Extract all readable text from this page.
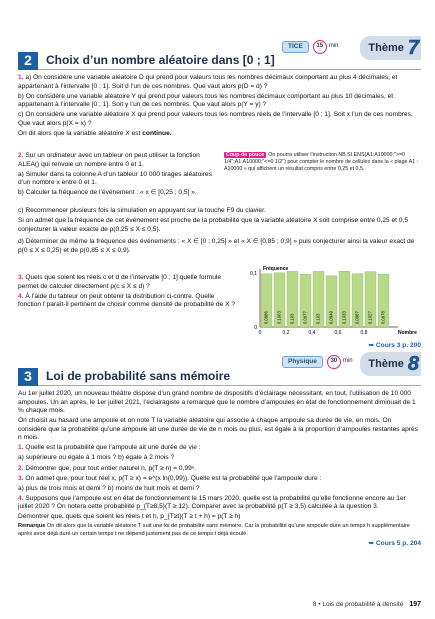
TICE	15 min	Thème 7
2	Choix d’un nombre aléatoire dans [0 ; 1]

1. a) On considère une variable aléatoire D qui prend pour valeurs tous les nombres décimaux comportant au plus 4 décimales, et appartenant à l’intervalle [0 ; 1]. Soit d l’un de ces nombres. Que vaut alors p(D = d) ?

b) On considère une variable aléatoire Y qui prend pour valeurs tous les nombres décimaux comportant au plus 10 décimales, et appartenant à l’intervalle [0 ; 1]. Soit y l’un de ces nombres. Que vaut alors p(Y = y) ?

c) On considère une variable aléatoire X qui prend pour valeurs tous les nombres réels de l’intervalle [0 ; 1]. Soit x l’un de ces nombres. Que vaut alors p(X = x) ?

On dit alors que la variable aléatoire X est continue.

2. Sur un ordinateur avec un tableur on peut utiliser la fonction ALEA() qui renvoie un nombre entre 0 et 1.

a) Simuler dans la colonne A d’un tableur 10 000 tirages aléatoires d’un nombre x entre 0 et 1.

b) Calculer la fréquence de l’événement : « x ∈ [0,25 ; 0,5] ».

Coup de pouce On pourra utiliser l’instruction NB.SI.ENS(A1:A10000;">=0 1/4";A1:A10000;"<=0 1/2") pour compter le nombre de cellules dans la « plage A1 : A10000 » qui affichent un résultat compris entre 0,25 et 0,5.

c) Recommencer plusieurs fois la simulation en appuyant sur la touche F9 du clavier.

Si on admet que la fréquence de cet événement est proche de la probabilité que la variable aléatoire X soit comprise entre 0,25 et 0,5 conjecturer la valeur exacte de p(0,25 ≤ X ≤ 0,5).

d) Déterminer de même la fréquence des événements : « X ∈ [0 ; 0,25] » et « X ∈ [0,85 ; 0,9] » puis conjecturer ainsi la valeur exact de p(0 ≤ X ≤ 0,25) et de p(0,85 ≤ X ≤ 0,9).

3. Quels que soient les réels c et d de l’intervalle [0 ; 1] quelle formule permet de calculer directement p(c ≤ X ≤ d) ?

4. À l’aide du tableur on peut obtenir la distribution ci-contre. Quelle fonction f paraît-il pertinent de choisir comme densité de probabilité de X ?

0,0986 0,1003 0,103 0,0977 0,103 0,0949 0,1033 0,0987 0,1027 0,0978
0	0,2	0,4	0,6	0,8
0
0,1
Fréquence
Nombre
➥ Cours 3 p. 200
Physique	30 min Thème 8
3	Loi de probabilité sans mémoire

Au 1er juillet 2020, un nouveau théâtre dispose d’un grand nombre de dispositifs d’éclairage nécessitant, en tout, l’utilisation de 10 000 ampoules. Un an après, le 1er juillet 2021, l’éclairagiste a remarqué que le nombre d’ampoules en état de fonctionnement diminuait de 1 % chaque mois.

On choisit au hasard une ampoule et on note T la variable aléatoire qui associe à chaque ampoule sa durée de vie, en mois. On considère que la probabilité qu’une ampoule ait une durée de vie de n mois ou plus, est égale à la proportion d’ampoules restantes après n mois.

1. Quelle est la probabilité que l’ampoule ait une durée de vie :

a) supérieure ou égale à 1 mois ? b) égale à 2 mois ?

2. Démontrer que, pour tout entier naturel n, p(T ≥ n) = 0,99ⁿ.

3. On admet que, pour tout réel x, p(T ≥ x) = e^(x ln(0,99)). Quelle est la probabilité que l’ampoule dure :

a) plus de trois mois et demi ? b) moins de huit mois et demi ?

4. Supposons que l’ampoule est en état de fonctionnement le 15 mars 2020, quelle est la probabilité qu’elle fonctionne encore au 1er juillet 2020 ? On notera cette probabilité p_{T≥8,5}(T ≥ 12). Comparer avec la probabilité p(T ≥ 3,5) calculée à la question 3.

Démontrer que, quels que soient les réels t et h, p_{T≥t}(T ≥ t + h) = p(T ≥ h)

Remarque On dit alors que la variable aléatoire T suit une loi de probabilité sans mémoire. Car la probabilité qu’une ampoule dure un temps h supplémentaire après avoir déjà duré un certain temps t ne dépend justement pas de ce temps t déjà écoulé.

➥ Cours 5 p. 204

8 • Lois de probabilité à densité 197
